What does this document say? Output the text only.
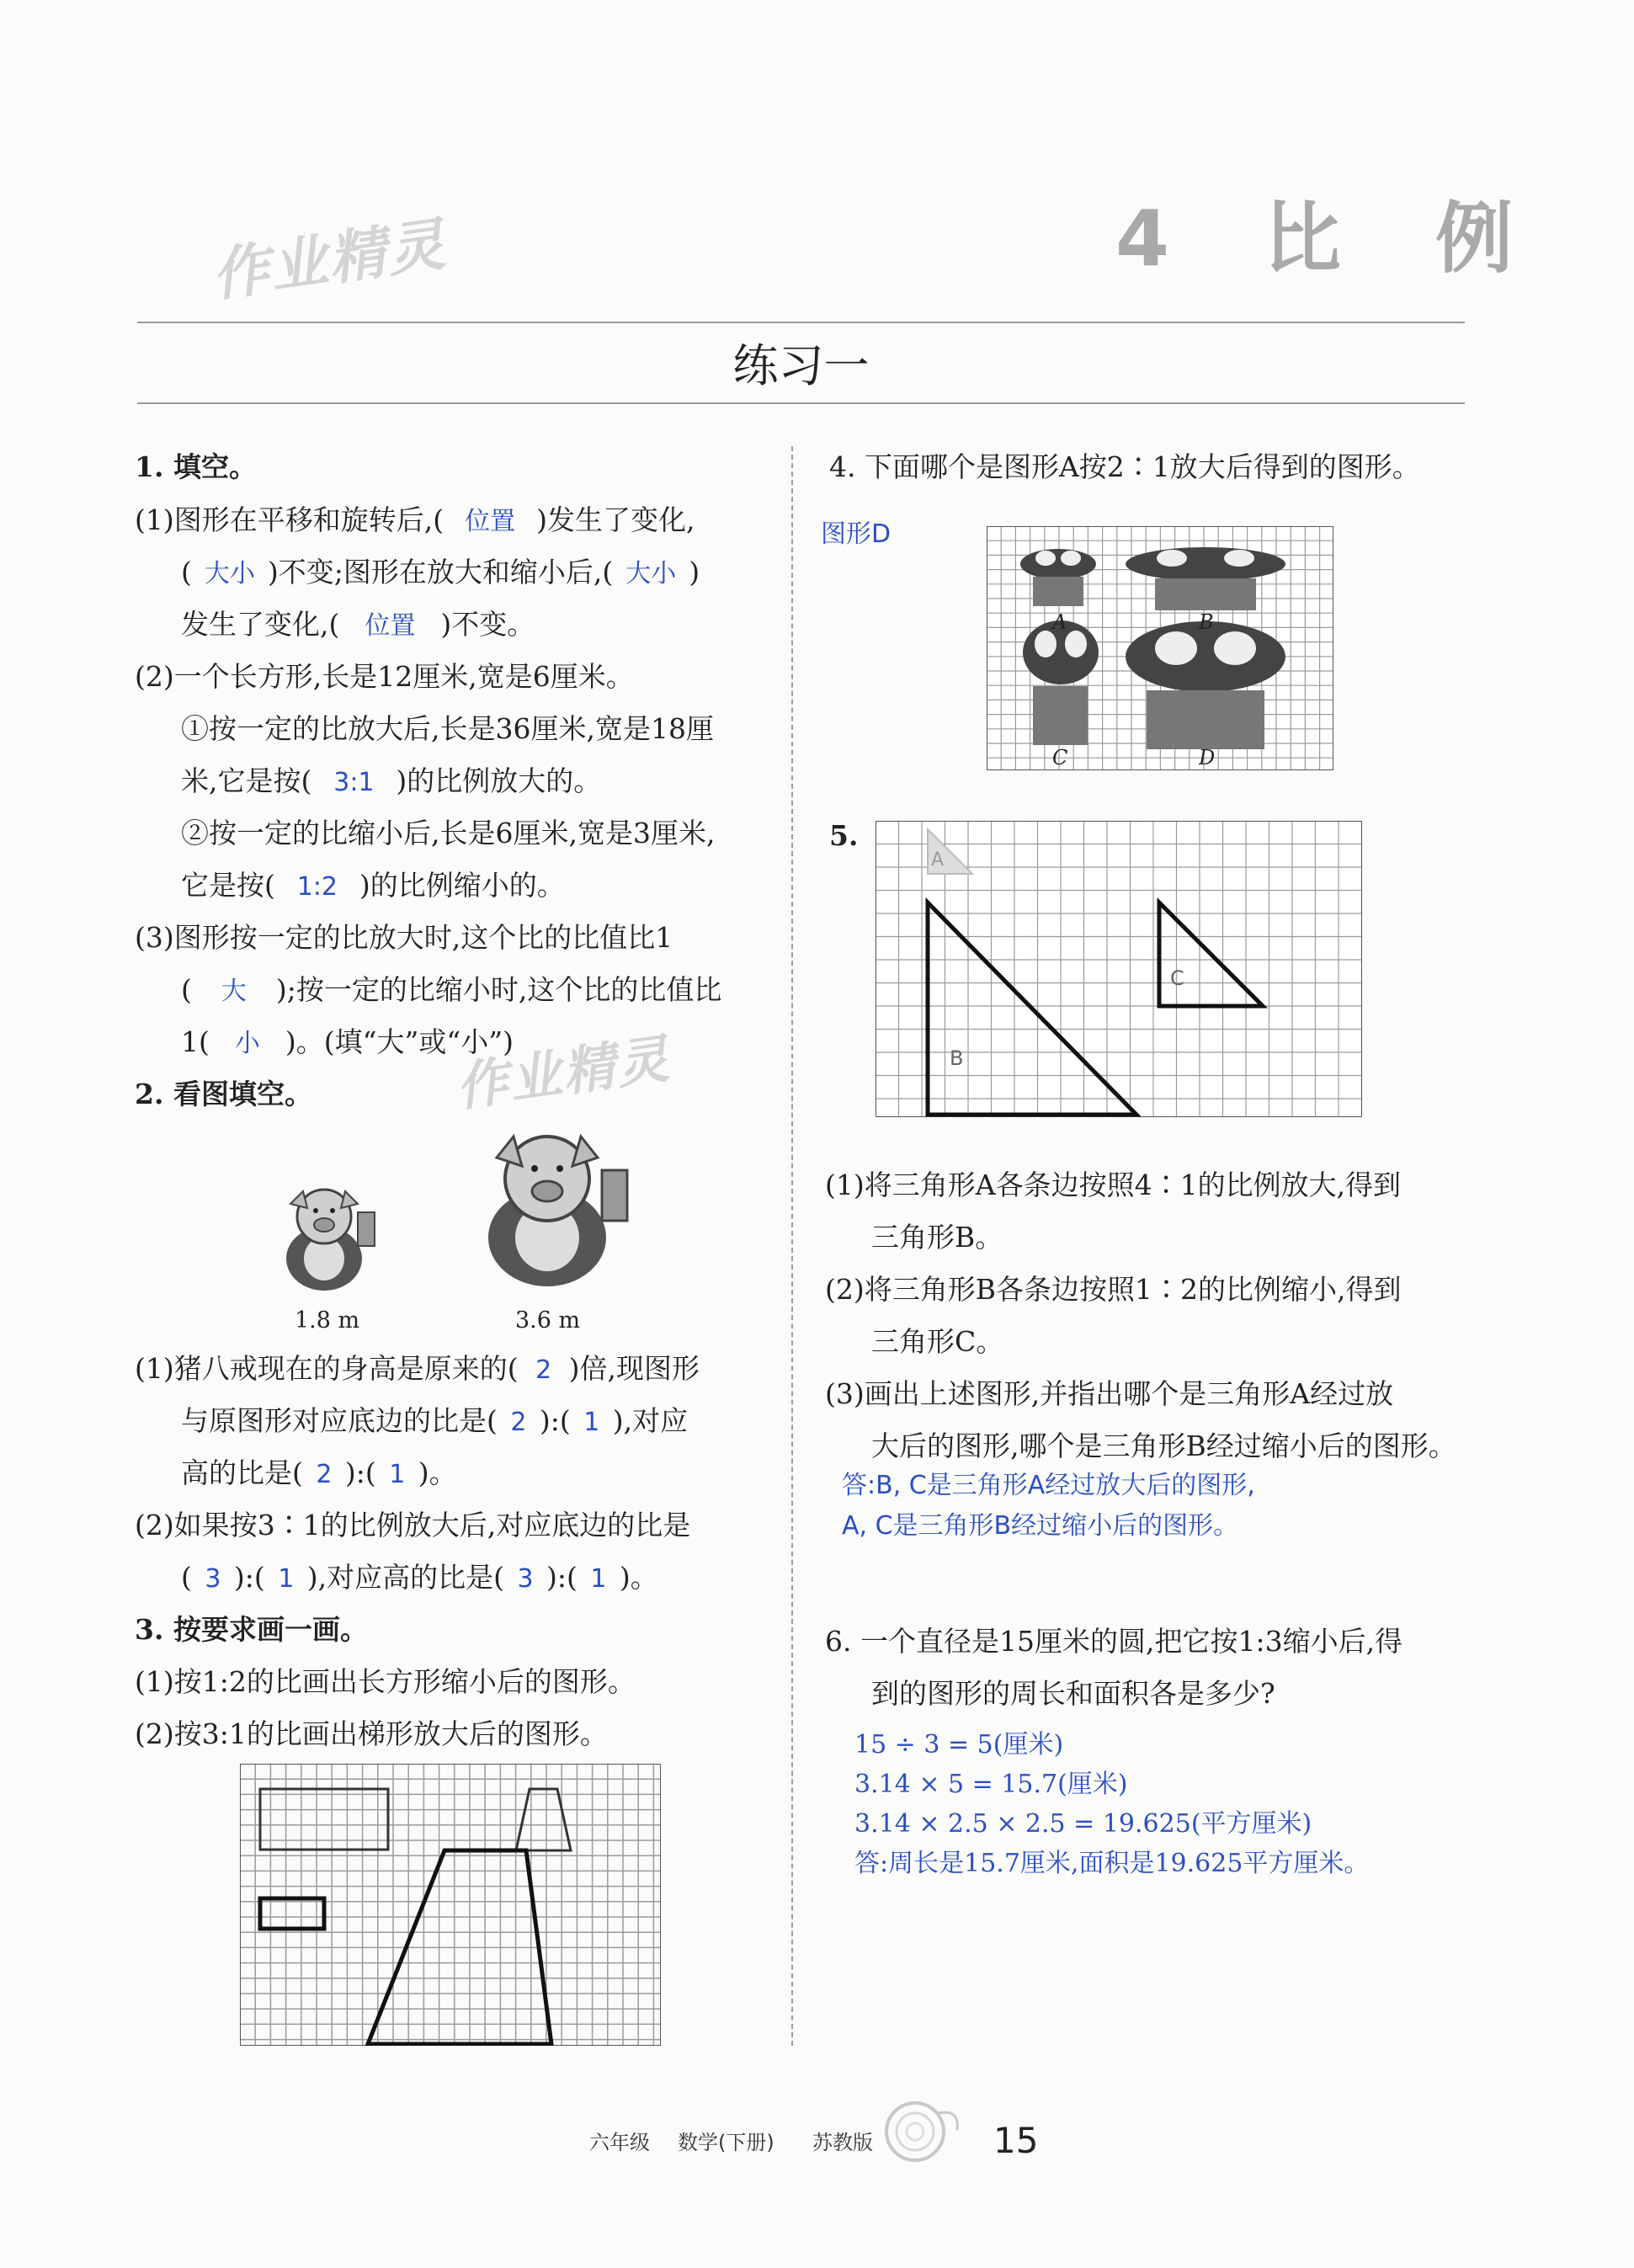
作业精灵	4 比 例
练习一
1. 填空。
(1)图形在平移和旋转后,( 位置 )发生了变化,
( 大小 )不变;图形在放大和缩小后,( 大小 )
发生了变化,( 位置 )不变。
(2)一个长方形,长是12厘米,宽是6厘米。
①按一定的比放大后,长是36厘米,宽是18厘
米,它是按( 3:1 )的比例放大的。
②按一定的比缩小后,长是6厘米,宽是3厘米,
它是按( 1:2 )的比例缩小的。
(3)图形按一定的比放大时,这个比的比值比1
( 大 );按一定的比缩小时,这个比的比值比
1( 小 )。(填“大”或“小”)
作业精灵
2. 看图填空。
1.8 m	3.6 m
(1)猪八戒现在的身高是原来的( 2 )倍,现图形
与原图形对应底边的比是( 2 ):( 1 ),对应
高的比是( 2 ):( 1 )。
(2)如果按3∶1的比例放大后,对应底边的比是
( 3 ):( 1 ),对应高的比是( 3 ):( 1 )。
3. 按要求画一画。
(1)按1:2的比画出长方形缩小后的图形。
(2)按3:1的比画出梯形放大后的图形。
4. 下面哪个是图形A按2∶1放大后得到的图形。
图形D
A	B
C	D
5.
A
B
C
(1)将三角形A各条边按照4∶1的比例放大,得到
三角形B。
(2)将三角形B各条边按照1∶2的比例缩小,得到
三角形C。
(3)画出上述图形,并指出哪个是三角形A经过放
大后的图形,哪个是三角形B经过缩小后的图形。
答:B, C是三角形A经过放大后的图形,
A, C是三角形B经过缩小后的图形。
6. 一个直径是15厘米的圆,把它按1:3缩小后,得
到的图形的周长和面积各是多少?
15 ÷ 3 = 5(厘米)
3.14 × 5 = 15.7(厘米)
3.14 × 2.5 × 2.5 = 19.625(平方厘米)
答:周长是15.7厘米,面积是19.625平方厘米。
六年级 数学(下册) 苏教版	15
